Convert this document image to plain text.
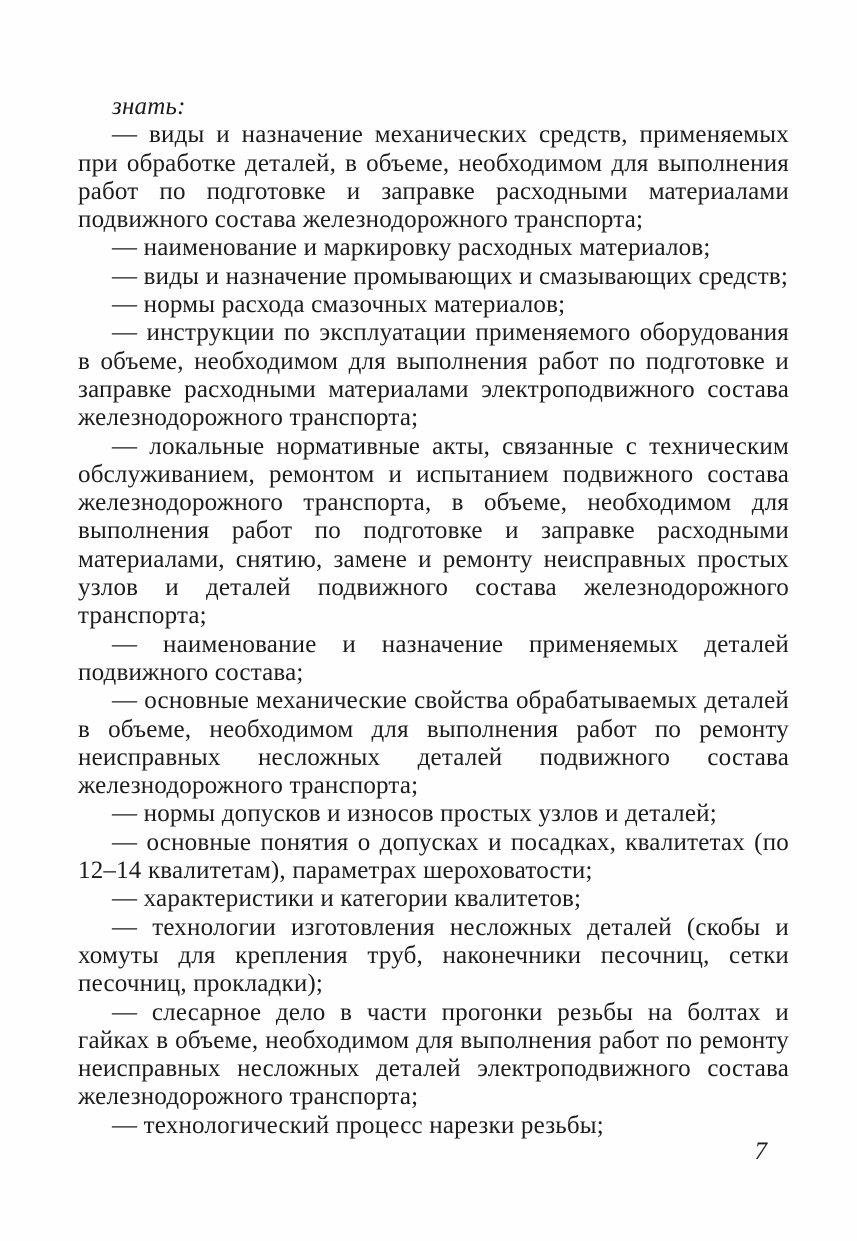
знать:

— виды и назначение механических средств, применяемых при обработке деталей, в объеме, необходимом для выполнения работ по подготовке и заправке расходными материалами подвижного состава железнодорожного транспорта;

— наименование и маркировку расходных материалов;

— виды и назначение промывающих и смазывающих средств;

— нормы расхода смазочных материалов;

— инструкции по эксплуатации применяемого оборудования в объеме, необходимом для выполнения работ по подготовке и заправке расходными материалами электроподвижного состава железнодорожного транспорта;

— локальные нормативные акты, связанные с техническим обслуживанием, ремонтом и испытанием подвижного состава железнодорожного транспорта, в объеме, необходимом для выполнения работ по подготовке и заправке расходными материалами, снятию, замене и ремонту неисправных простых узлов и деталей подвижного состава железнодорожного транспорта;

— наименование и назначение применяемых деталей подвижного состава;

— основные механические свойства обрабатываемых деталей в объеме, необходимом для выполнения работ по ремонту неисправных несложных деталей подвижного состава железнодорожного транспорта;

— нормы допусков и износов простых узлов и деталей;

— основные понятия о допусках и посадках, квалитетах (по 12–14 квалитетам), параметрах шероховатости;

— характеристики и категории квалитетов;

— технологии изготовления несложных деталей (скобы и хомуты для крепления труб, наконечники песочниц, сетки песочниц, прокладки);

— слесарное дело в части прогонки резьбы на болтах и гайках в объеме, необходимом для выполнения работ по ремонту неисправных несложных деталей электроподвижного состава железнодорожного транспорта;

— технологический процесс нарезки резьбы;

7
